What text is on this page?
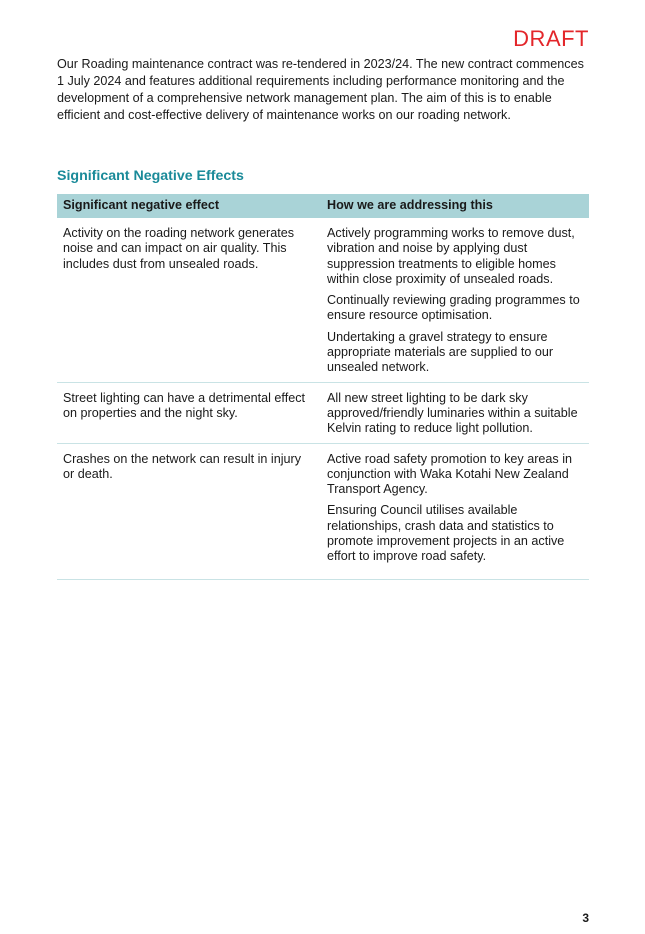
DRAFT

Our Roading maintenance contract was re-tendered in 2023/24. The new contract commences 1 July 2024 and features additional requirements including performance monitoring and the development of a comprehensive network management plan. The aim of this is to enable efficient and cost-effective delivery of maintenance works on our roading network.

Significant Negative Effects
Significant negative effect	How we are addressing this
Activity on the roading network generates noise and can impact on air quality. This includes dust from unsealed roads.	Actively programming works to remove dust, vibration and noise by applying dust suppression treatments to eligible homes within close proximity of unsealed roads.

Continually reviewing grading programmes to ensure resource optimisation.

Undertaking a gravel strategy to ensure appropriate materials are supplied to our unsealed network.

Street lighting can have a detrimental effect on properties and the night sky.	All new street lighting to be dark sky approved/friendly luminaries within a suitable Kelvin rating to reduce light pollution.

Crashes on the network can result in injury or death.	Active road safety promotion to key areas in conjunction with Waka Kotahi New Zealand Transport Agency.

Ensuring Council utilises available relationships, crash data and statistics to promote improvement projects in an active effort to improve road safety.

3
